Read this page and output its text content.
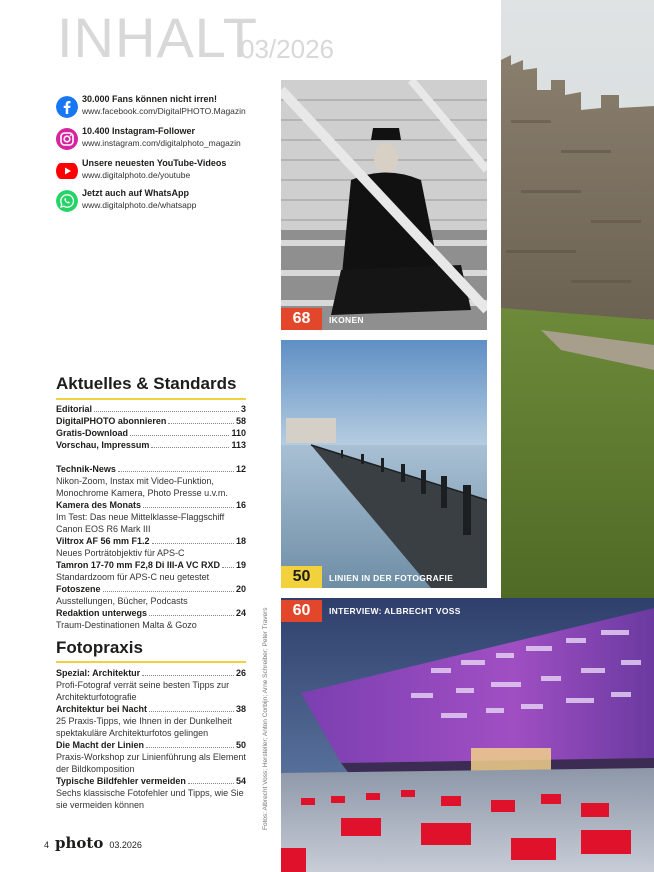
INHALT
03/2026
30.000 Fans können nicht irren!
www.facebook.com/DigitalPHOTO.Magazin
10.400 Instagram-Follower
www.instagram.com/digitalphoto_magazin
Unsere neuesten YouTube-Videos
www.digitalphoto.de/youtube
Jetzt auch auf WhatsApp
www.digitalphoto.de/whatsapp
Aktuelles & Standards
Editorial	3
DigitalPHOTO abonnieren	58
Gratis-Download	110
Vorschau, Impressum	113
Technik-News	12
Nikon-Zoom, Instax mit Video-Funktion, Monochrome Kamera, Photo Presse u.v.m.
Kamera des Monats	16
Im Test: Das neue Mittelklasse-Flaggschiff Canon EOS R6 Mark III
Viltrox AF 56 mm F1.2	18
Neues Porträtobjektiv für APS-C
Tamron 17-70 mm F2,8 Di III-A VC RXD 19
Standardzoom für APS-C neu getestet
Fotoszene	20
Ausstellungen, Bücher, Podcasts
Redaktion unterwegs	24
Traum-Destinationen Malta & Gozo
Fotopraxis
Spezial: Architektur	26
Profi-Fotograf verrät seine besten Tipps zur Architekturfotografie
Architektur bei Nacht	38
25 Praxis-Tipps, wie Ihnen in der Dunkelheit spektakuläre Architekturfotos gelingen
Die Macht der Linien	50
Praxis-Workshop zur Linienführung als Element der Bildkomposition
Typische Bildfehler vermeiden	54
Sechs klassische Fotofehler und Tipps, wie Sie sie vermeiden können
68 IKONEN
50 LINIEN IN DER FOTOGRAFIE
60 INTERVIEW: ALBRECHT VOSS
Fotos: Albrecht Voss; Hersteller; Anton Corbijn; Arne Schreiber; Peter Travers
4 photo 03.2026
